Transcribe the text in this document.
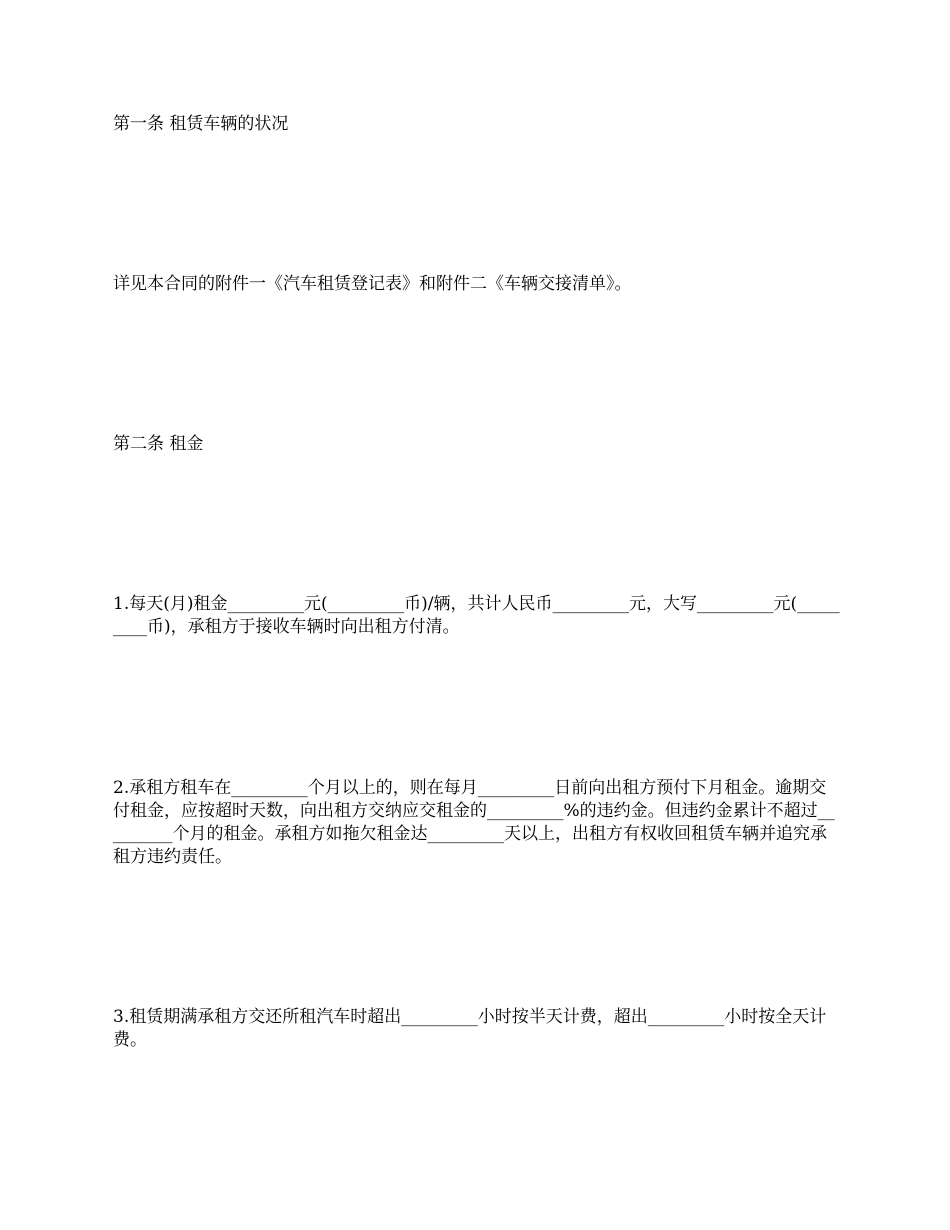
第一条 租赁车辆的状况

详见本合同的附件一《汽车租赁登记表》和附件二《车辆交接清单》。

第二条 租金

1.每天(月)租金_________元(_________币)/辆，共计人民币_________元，大写_________元(_________币)，承租方于接收车辆时向出租方付清。

2.承租方租车在_________个月以上的，则在每月_________日前向出租方预付下月租金。逾期交付租金，应按超时天数，向出租方交纳应交租金的_________%的违约金。但违约金累计不超过_________个月的租金。承租方如拖欠租金达_________天以上，出租方有权收回租赁车辆并追究承租方违约责任。

3.租赁期满承租方交还所租汽车时超出_________小时按半天计费，超出_________小时按全天计费。
